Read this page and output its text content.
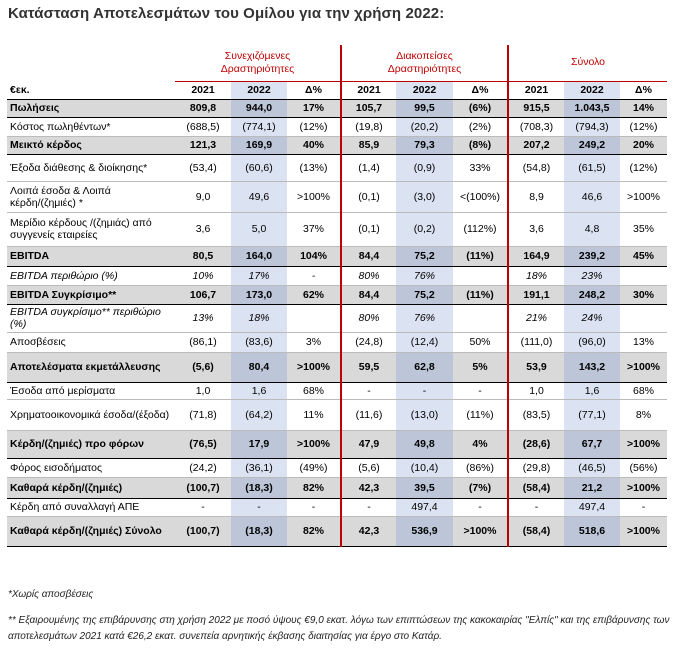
Κατάσταση Αποτελεσμάτων του Ομίλου για την χρήση 2022:
	Συνεχιζόμενες Δραστηριότητες			Διακοπείσες Δραστηριότητες			Σύνολο		
€εκ.	2021	2022	Δ%	2021	2022	Δ%	2021	2022	Δ%
Πωλήσεις	809,8	944,0	17%	105,7	99,5	(6%)	915,5	1.043,5	14%
Κόστος πωληθέντων*	(688,5)	(774,1)	(12%)	(19,8)	(20,2)	(2%)	(708,3)	(794,3)	(12%)
Μεικτό κέρδος	121,3	169,9	40%	85,9	79,3	(8%)	207,2	249,2	20%
Έξοδα διάθεσης & διοίκησης*	(53,4)	(60,6)	(13%)	(1,4)	(0,9)	33%	(54,8)	(61,5)	(12%)
Λοιπά έσοδα & Λοιπά κέρδη/(ζημιές) *	9,0	49,6	>100%	(0,1)	(3,0)	<(100%)	8,9	46,6	>100%
Μερίδιο κέρδους /(ζημιάς) από συγγενείς εταιρείες	3,6	5,0	37%	(0,1)	(0,2)	(112%)	3,6	4,8	35%
EBITDA	80,5	164,0	104%	84,4	75,2	(11%)	164,9	239,2	45%
EBITDA περιθώριο (%)	10%	17%	-	80%	76%		18%	23%	
EBITDA Συγκρίσιμο**	106,7	173,0	62%	84,4	75,2	(11%)	191,1	248,2	30%
EBITDA συγκρίσιμο** περιθώριο (%)	13%	18%		80%	76%		21%	24%	
Αποσβέσεις	(86,1)	(83,6)	3%	(24,8)	(12,4)	50%	(111,0)	(96,0)	13%
Αποτελέσματα εκμετάλλευσης	(5,6)	80,4	>100%	59,5	62,8	5%	53,9	143,2	>100%
Έσοδα από μερίσματα	1,0	1,6	68%	-	-	-	1,0	1,6	68%
Χρηματοοικονομικά έσοδα/(έξοδα)	(71,8)	(64,2)	11%	(11,6)	(13,0)	(11%)	(83,5)	(77,1)	8%
Κέρδη/(ζημιές) προ φόρων	(76,5)	17,9	>100%	47,9	49,8	4%	(28,6)	67,7	>100%
Φόρος εισοδήματος	(24,2)	(36,1)	(49%)	(5,6)	(10,4)	(86%)	(29,8)	(46,5)	(56%)
Καθαρά κέρδη/(ζημιές)	(100,7)	(18,3)	82%	42,3	39,5	(7%)	(58,4)	21,2	>100%
Κέρδη από συναλλαγή ΑΠΕ	-	-	-	-	497,4	-	-	497,4	-
Καθαρά κέρδη/(ζημιές) Σύνολο	(100,7)	(18,3)	82%	42,3	536,9	>100%	(58,4)	518,6	>100%
*Χωρίς αποσβέσεις
** Εξαιρουμένης της επιβάρυνσης στη χρήση 2022 με ποσό ύψους €9,0 εκατ. λόγω των επιπτώσεων της κακοκαιρίας "Ελπίς" και της επιβάρυνσης των αποτελεσμάτων 2021 κατά €26,2 εκατ. συνεπεία αρνητικής έκβασης διαιτησίας για έργο στο Κατάρ.
